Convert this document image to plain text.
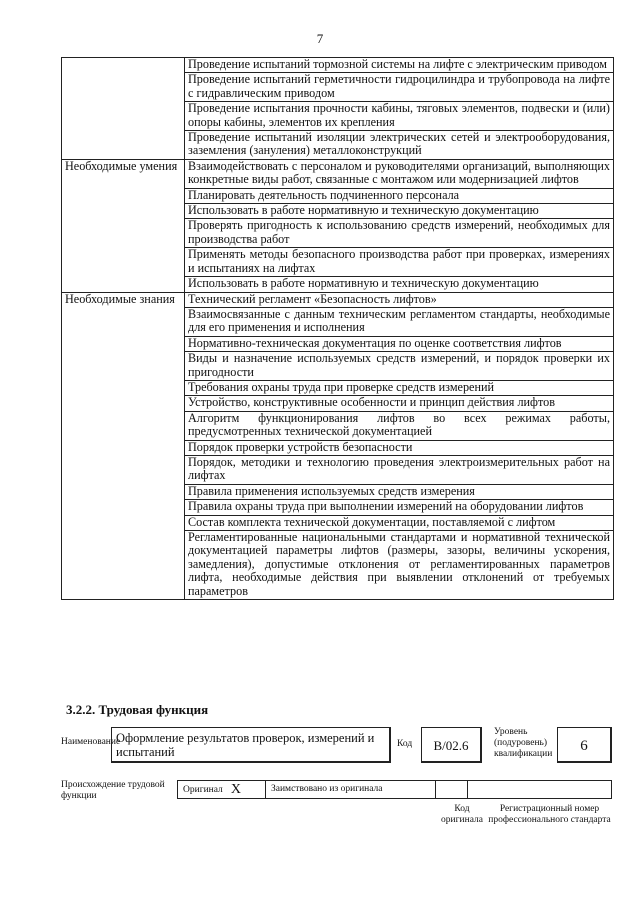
7
	Проведение испытаний тормозной системы на лифте с электрическим приводом
	Проведение испытаний герметичности гидроцилиндра и трубопровода на лифте с гидравлическим приводом
	Проведение испытания прочности кабины, тяговых элементов, подвески и (или) опоры кабины, элементов их крепления
	Проведение испытаний изоляции электрических сетей и электрооборудования, заземления (зануления) металлоконструкций
Необходимые умения	Взаимодействовать с персоналом и руководителями организаций, выполняющих конкретные виды работ, связанные с монтажом или модернизацией лифтов
	Планировать деятельность подчиненного персонала
	Использовать в работе нормативную и техническую документацию
	Проверять пригодность к использованию средств измерений, необходимых для производства работ
	Применять методы безопасного производства работ при проверках, измерениях и испытаниях на лифтах
	Использовать в работе нормативную и техническую документацию
Необходимые знания	Технический регламент «Безопасность лифтов»
	Взаимосвязанные с данным техническим регламентом стандарты, необходимые для его применения и исполнения
	Нормативно-техническая документация по оценке соответствия лифтов
	Виды и назначение используемых средств измерений, и порядок проверки их пригодности
	Требования охраны труда при проверке средств измерений
	Устройство, конструктивные особенности и принцип действия лифтов
	Алгоритм функционирования лифтов во всех режимах работы, предусмотренных технической документацией
	Порядок проверки устройств безопасности
	Порядок, методики и технологию проведения электроизмерительных работ на лифтах
	Правила применения используемых средств измерения
	Правила охраны труда при выполнении измерений на оборудовании лифтов
	Состав комплекта технической документации, поставляемой с лифтом
	Регламентированные национальными стандартами и нормативной технической документацией параметры лифтов (размеры, зазоры, величины ускорения, замедления), допустимые отклонения от регламентированных параметров лифта, необходимые действия при выявлении отклонений от требуемых параметров
3.2.2. Трудовая функция
Наименование
Оформление результатов проверок, измерений и испытаний
Код	B/02.6
Уровень (подуровень) квалификации	6
Происхождение трудовой функции
Оригинал X	Заимствовано из оригинала
Код оригинала
Регистрационный номер профессионального стандарта
